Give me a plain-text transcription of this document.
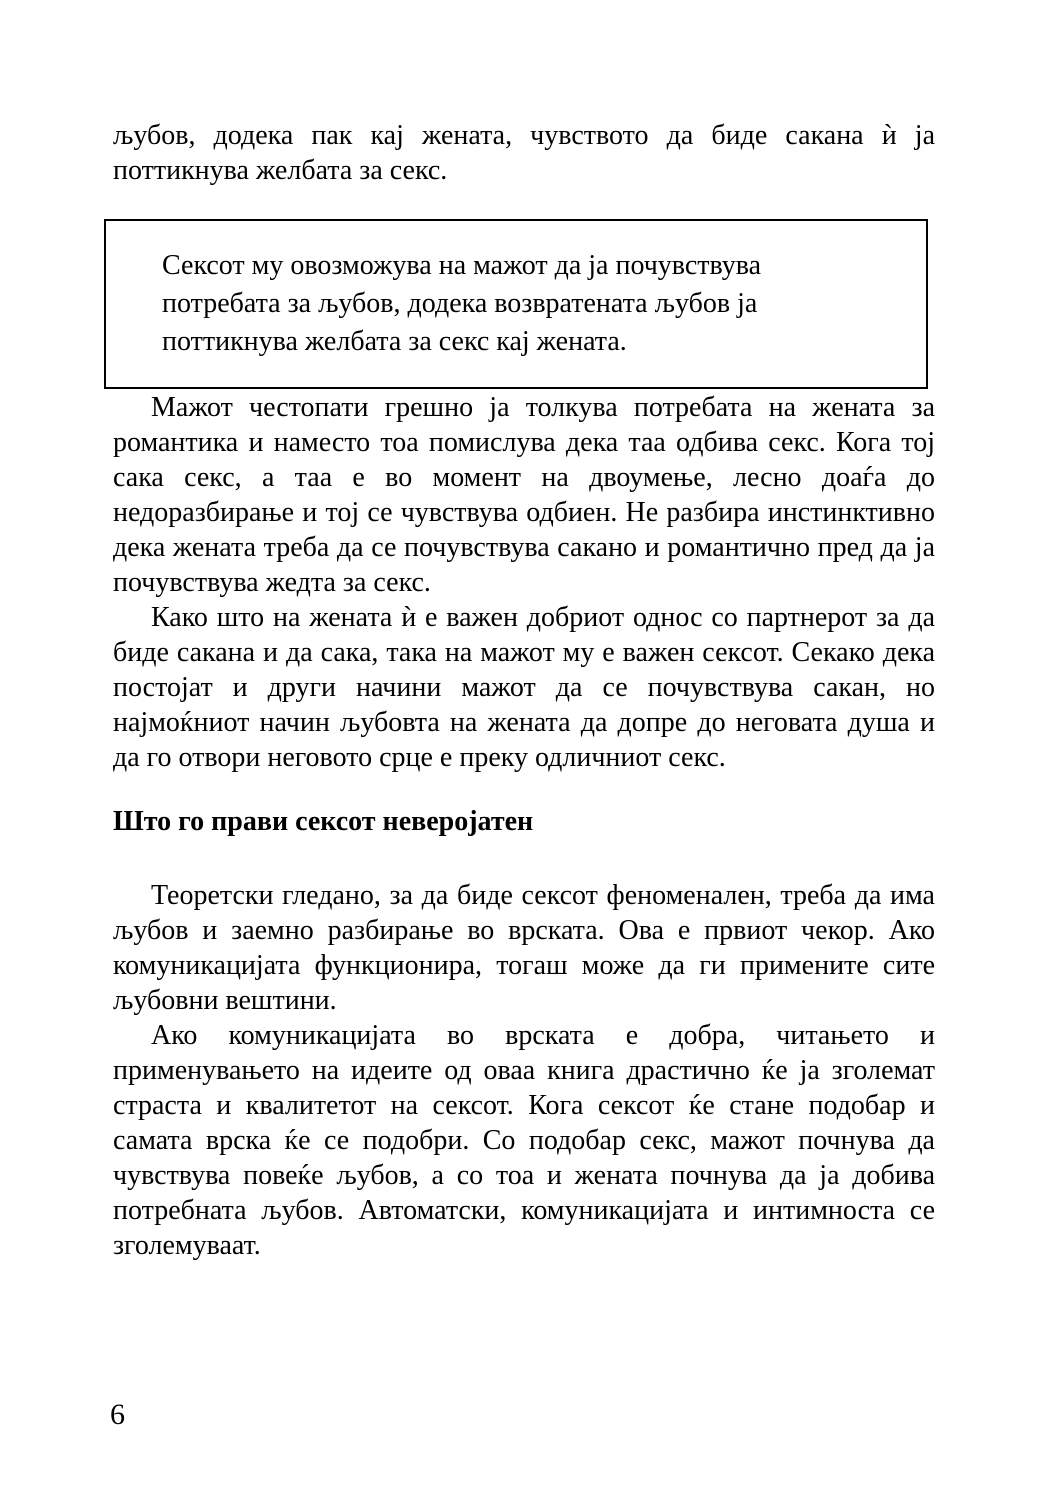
љубов, додека пак кај жената, чувството да биде сакана ѝ ја поттикнува желбата за секс.
Сексот му овозможува на мажот да ја почувствува потребата за љубов, додека возвратената љубов ја поттикнува желбата за секс кај жената.

Мажот честопати грешно ја толкува потребата на жената за романтика и наместо тоа помислува дека таа одбива секс. Кога тој сака секс, а таа е во момент на двоумење, лесно доаѓа до недоразбирање и тој се чувствува одбиен. Не разбира инстинктивно дека жената треба да се почувствува сакано и романтично пред да ја почувствува жедта за секс.

Како што на жената ѝ е важен добриот однос со партнерот за да биде сакана и да сака, така на мажот му е важен сексот. Секако дека постојат и други начини мажот да се почувствува сакан, но најмоќниот начин љубовта на жената да допре до неговата душа и да го отвори неговото срце е преку одличниот секс.

Што го прави сексот неверојатен

Теоретски гледано, за да биде сексот феноменален, треба да има љубов и заемно разбирање во врската. Ова е првиот чекор. Ако комуникацијата функционира, тогаш може да ги примените сите љубовни вештини.

Ако комуникацијата во врската е добра, читањето и применувањето на идеите од оваа книга драстично ќе ја зголемат страста и квалитетот на сексот. Кога сексот ќе стане подобар и самата врска ќе се подобри. Со подобар секс, мажот почнува да чувствува повеќе љубов, а со тоа и жената почнува да ја добива потребната љубов. Автоматски, комуникацијата и интимноста се зголемуваат.

6
